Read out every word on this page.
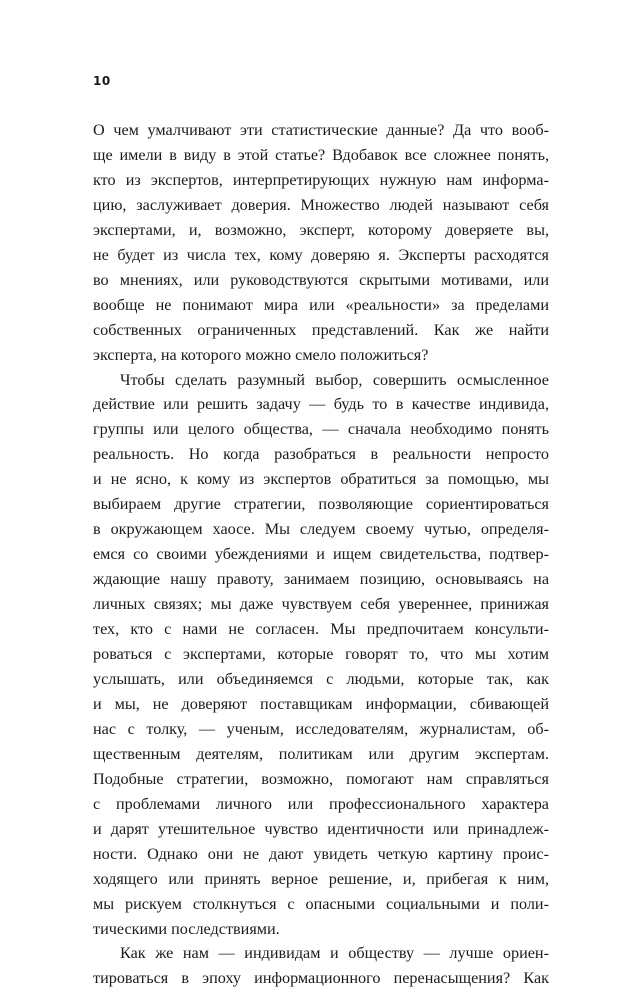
10
О чем умалчивают эти статистические данные? Да что вооб-
ще имели в виду в этой статье? Вдобавок все сложнее понять,
кто из экспертов, интерпретирующих нужную нам информа-
цию, заслуживает доверия. Множество людей называют себя
экспертами, и, возможно, эксперт, которому доверяете вы,
не будет из числа тех, кому доверяю я. Эксперты расходятся
во мнениях, или руководствуются скрытыми мотивами, или
вообще не понимают мира или «реальности» за пределами
собственных ограниченных представлений. Как же найти
эксперта, на которого можно смело положиться?
Чтобы сделать разумный выбор, совершить осмысленное
действие или решить задачу — будь то в качестве индивида,
группы или целого общества, — сначала необходимо понять
реальность. Но когда разобраться в реальности непросто
и не ясно, к кому из экспертов обратиться за помощью, мы
выбираем другие стратегии, позволяющие сориентироваться
в окружающем хаосе. Мы следуем своему чутью, определя-
емся со своими убеждениями и ищем свидетельства, подтвер-
ждающие нашу правоту, занимаем позицию, основываясь на
личных связях; мы даже чувствуем себя увереннее, принижая
тех, кто с нами не согласен. Мы предпочитаем консульти-
роваться с экспертами, которые говорят то, что мы хотим
услышать, или объединяемся с людьми, которые так, как
и мы, не доверяют поставщикам информации, сбивающей
нас с толку, — ученым, исследователям, журналистам, об-
щественным деятелям, политикам или другим экспертам.
Подобные стратегии, возможно, помогают нам справляться
с проблемами личного или профессионального характера
и дарят утешительное чувство идентичности или принадлеж-
ности. Однако они не дают увидеть четкую картину проис-
ходящего или принять верное решение, и, прибегая к ним,
мы рискуем столкнуться с опасными социальными и поли-
тическими последствиями.
Как же нам — индивидам и обществу — лучше ориен-
тироваться в эпоху информационного перенасыщения? Как
